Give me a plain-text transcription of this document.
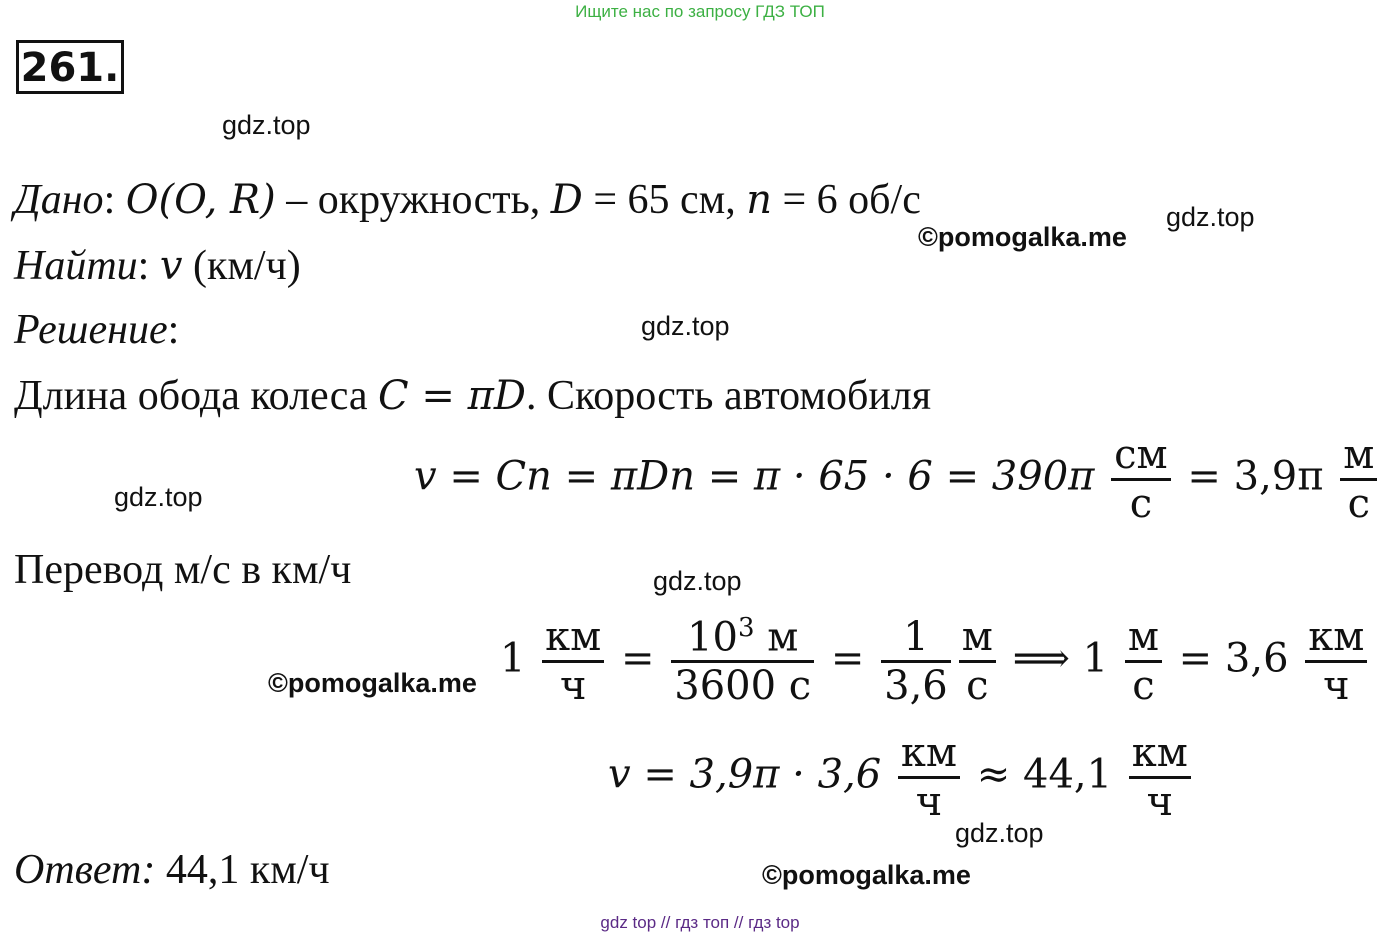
Ищите нас по запросу ГДЗ ТОП
261.
gdz.top
Дано: O(O, R) – окружность, D = 65 см, n = 6 об/с	gdz.top
©pomogalka.me
Найти: v (км/ч)
Решение:	gdz.top
Длина обода колеса C = πD. Скорость автомобиля
gdz.top	$v = Cn = \pi Dn = \pi \cdot 65 \cdot 6 = 390\pi \frac{см}{с} = 3,9\pi \frac{м}{с}$
Перевод м/с в км/ч	gdz.top
©pomogalka.me
$1 \frac{км}{ч} = \frac{10^3 м}{3600 с} = \frac{1}{3,6} \frac{м}{с}$ ⟹ $1 \frac{м}{с} = 3,6 \frac{км}{ч}$
$v = 3,9\pi \cdot 3,6 \frac{км}{ч} \approx 44,1 \frac{км}{ч}$
gdz.top
Ответ: 44,1 км/ч	©pomogalka.me
gdz top // гдз топ // гдз top
